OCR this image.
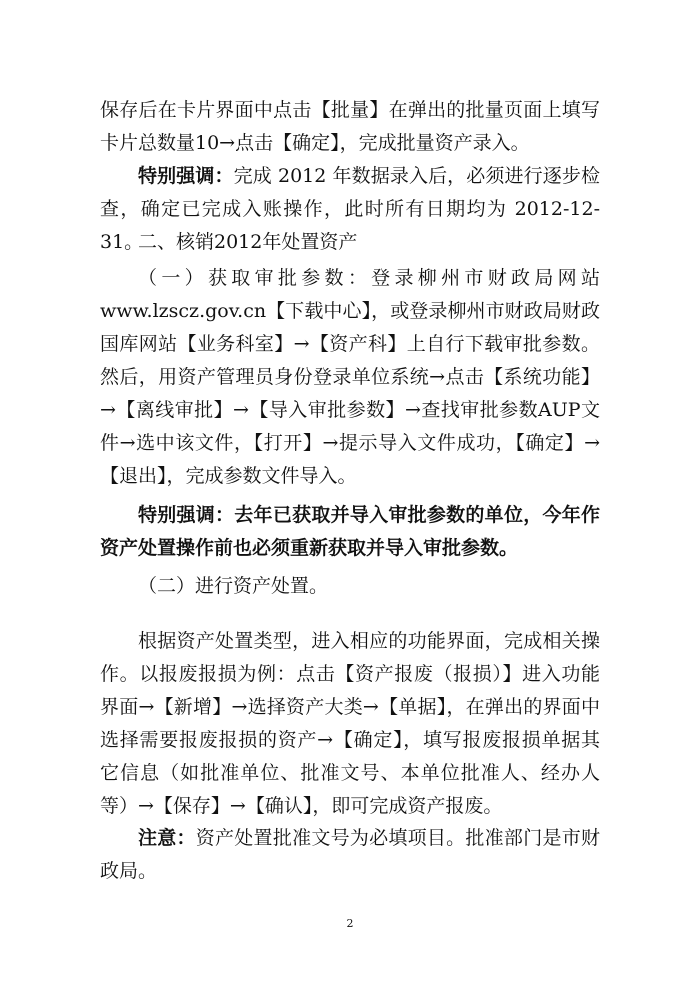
保存后在卡片界面中点击【批量】在弹出的批量页面上填写卡片总数量10→点击【确定】，完成批量资产录入。

特别强调：完成 2012 年数据录入后，必须进行逐步检查，确定已完成入账操作，此时所有日期均为 2012-12-31。

二、核销2012年处置资产

（一）获取审批参数：登录柳州市财政局网站www.lzscz.gov.cn【下载中心】，或登录柳州市财政局财政国库网站【业务科室】→【资产科】上自行下载审批参数。然后，用资产管理员身份登录单位系统→点击【系统功能】→【离线审批】→【导入审批参数】→查找审批参数AUP文件→选中该文件，【打开】→提示导入文件成功，【确定】→【退出】，完成参数文件导入。

特别强调：去年已获取并导入审批参数的单位，今年作资产处置操作前也必须重新获取并导入审批参数。

（二）进行资产处置。

根据资产处置类型，进入相应的功能界面，完成相关操作。以报废报损为例：点击【资产报废（报损）】进入功能界面→【新增】→选择资产大类→【单据】，在弹出的界面中选择需要报废报损的资产→【确定】，填写报废报损单据其它信息（如批准单位、批准文号、本单位批准人、经办人等）→【保存】→【确认】，即可完成资产报废。

注意：资产处置批准文号为必填项目。批准部门是市财政局。

2
